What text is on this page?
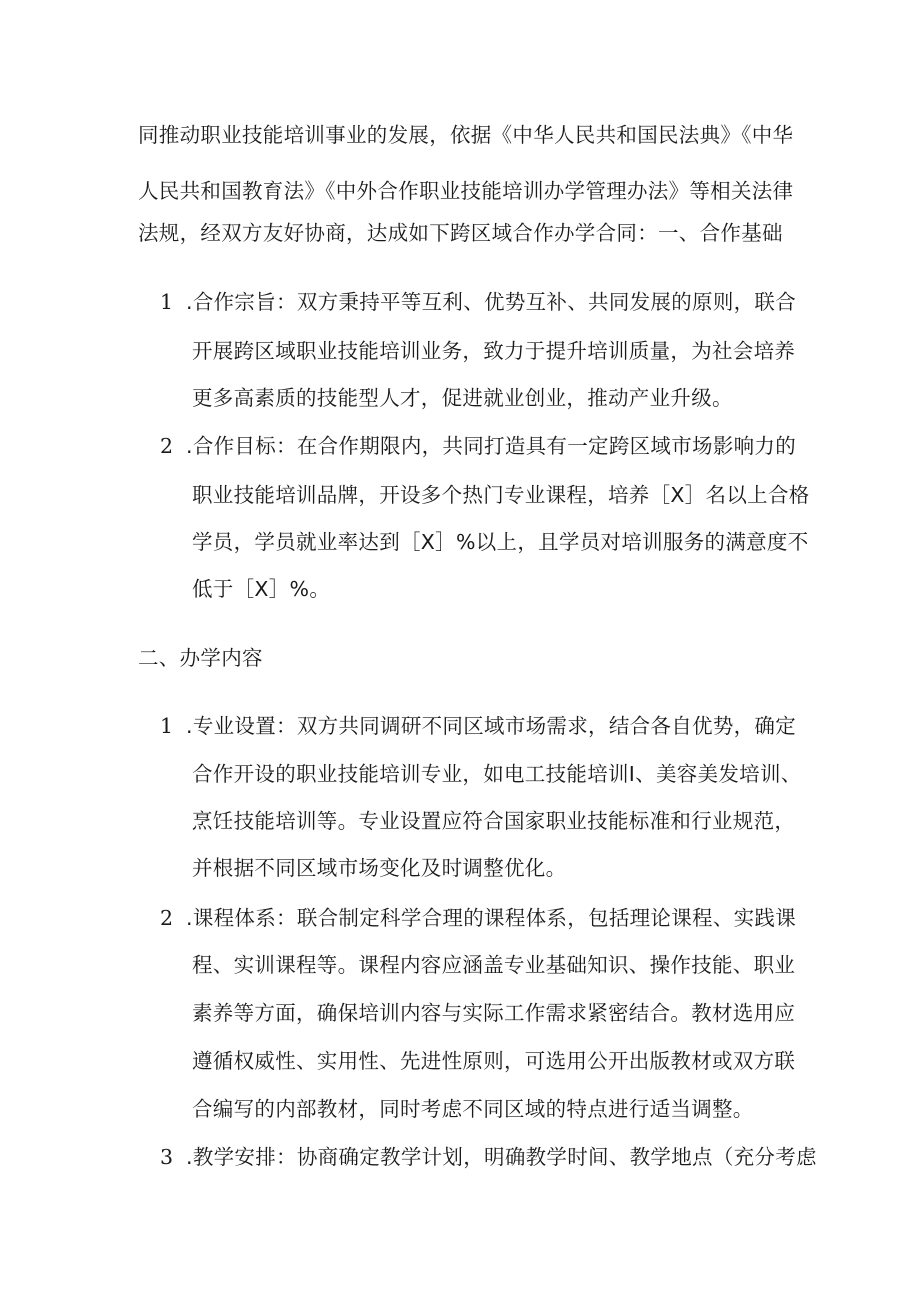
同推动职业技能培训事业的发展，依据《中华人民共和国民法典》《中华
人民共和国教育法》《中外合作职业技能培训办学管理办法》等相关法律
法规，经双方友好协商，达成如下跨区域合作办学合同：一、合作基础
1 .合作宗旨：双方秉持平等互利、优势互补、共同发展的原则，联合
开展跨区域职业技能培训业务，致力于提升培训质量，为社会培养
更多高素质的技能型人才，促进就业创业，推动产业升级。
2 .合作目标：在合作期限内，共同打造具有一定跨区域市场影响力的
职业技能培训品牌，开设多个热门专业课程，培养［X］名以上合格
学员，学员就业率达到［X］%以上，且学员对培训服务的满意度不
低于［X］%。
二、办学内容
1 .专业设置：双方共同调研不同区域市场需求，结合各自优势，确定
合作开设的职业技能培训专业，如电工技能培训I、美容美发培训、
烹饪技能培训等。专业设置应符合国家职业技能标准和行业规范，
并根据不同区域市场变化及时调整优化。
2 .课程体系：联合制定科学合理的课程体系，包括理论课程、实践课
程、实训课程等。课程内容应涵盖专业基础知识、操作技能、职业
素养等方面，确保培训内容与实际工作需求紧密结合。教材选用应
遵循权威性、实用性、先进性原则，可选用公开出版教材或双方联
合编写的内部教材，同时考虑不同区域的特点进行适当调整。
3 .教学安排：协商确定教学计划，明确教学时间、教学地点（充分考虑
